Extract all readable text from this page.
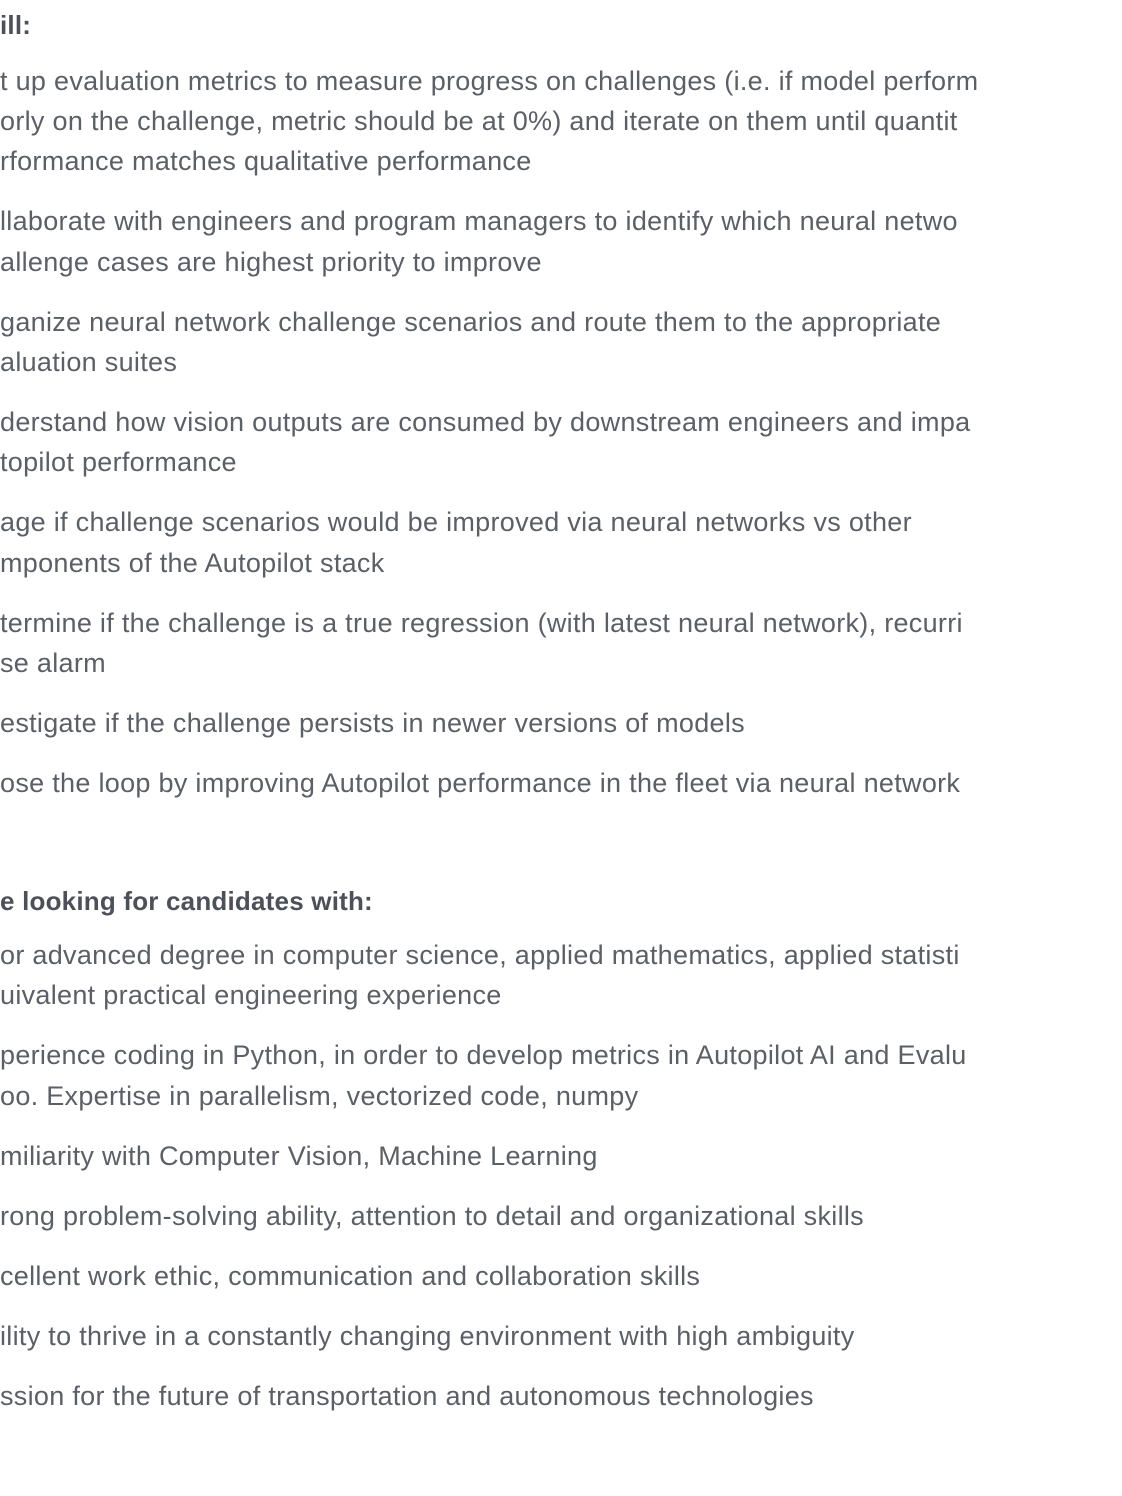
ill:

t up evaluation metrics to measure progress on challenges (i.e. if model perform

orly on the challenge, metric should be at 0%) and iterate on them until quantit

rformance matches qualitative performance

llaborate with engineers and program managers to identify which neural netwo

allenge cases are highest priority to improve

ganize neural network challenge scenarios and route them to the appropriate

aluation suites

derstand how vision outputs are consumed by downstream engineers and impa

topilot performance

age if challenge scenarios would be improved via neural networks vs other

mponents of the Autopilot stack

termine if the challenge is a true regression (with latest neural network), recurri

se alarm

estigate if the challenge persists in newer versions of models

ose the loop by improving Autopilot performance in the fleet via neural network

e looking for candidates with:

or advanced degree in computer science, applied mathematics, applied statisti

uivalent practical engineering experience

perience coding in Python, in order to develop metrics in Autopilot AI and Evalu

oo. Expertise in parallelism, vectorized code, numpy

miliarity with Computer Vision, Machine Learning

rong problem-solving ability, attention to detail and organizational skills

cellent work ethic, communication and collaboration skills

ility to thrive in a constantly changing environment with high ambiguity

ssion for the future of transportation and autonomous technologies
